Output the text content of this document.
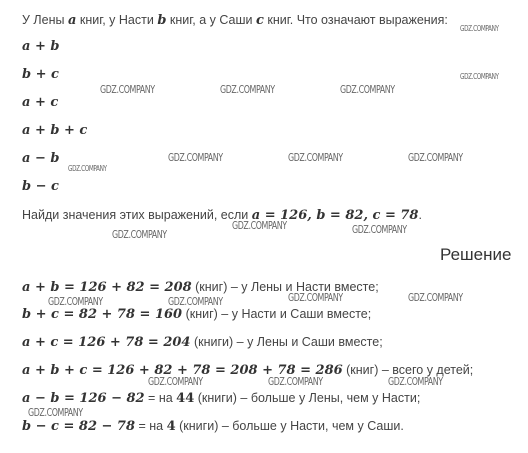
У Лены a книг, у Насти b книг, а у Саши c книг. Что означают выражения:
a + b
b + c
a + c
a + b + c
a − b
b − c
Найди значения этих выражений, если a = 126, b = 82, c = 78.
Решение
a + b = 126 + 82 = 208 (книг) – у Лены и Насти вместе;
b + c = 82 + 78 = 160 (книг) – у Насти и Саши вместе;
a + c = 126 + 78 = 204 (книги) – у Лены и Саши вместе;
a + b + c = 126 + 82 + 78 = 208 + 78 = 286 (книг) – всего у детей;
a − b = 126 − 82 = на 44 (книги) – больше у Лены, чем у Насти;
b − c = 82 − 78 = на 4 (книги) – больше у Насти, чем у Саши.
GDZ.COMPANY
GDZ.COMPANY
GDZ.COMPANY	GDZ.COMPANY	GDZ.COMPANY
GDZ.COMPANY	GDZ.COMPANY	GDZ.COMPANY
GDZ.COMPANY
GDZ.COMPANY
GDZ.COMPANY	GDZ.COMPANY
GDZ.COMPANY	GDZ.COMPANY	GDZ.COMPANY	GDZ.COMPANY
GDZ.COMPANY	GDZ.COMPANY	GDZ.COMPANY
GDZ.COMPANY
